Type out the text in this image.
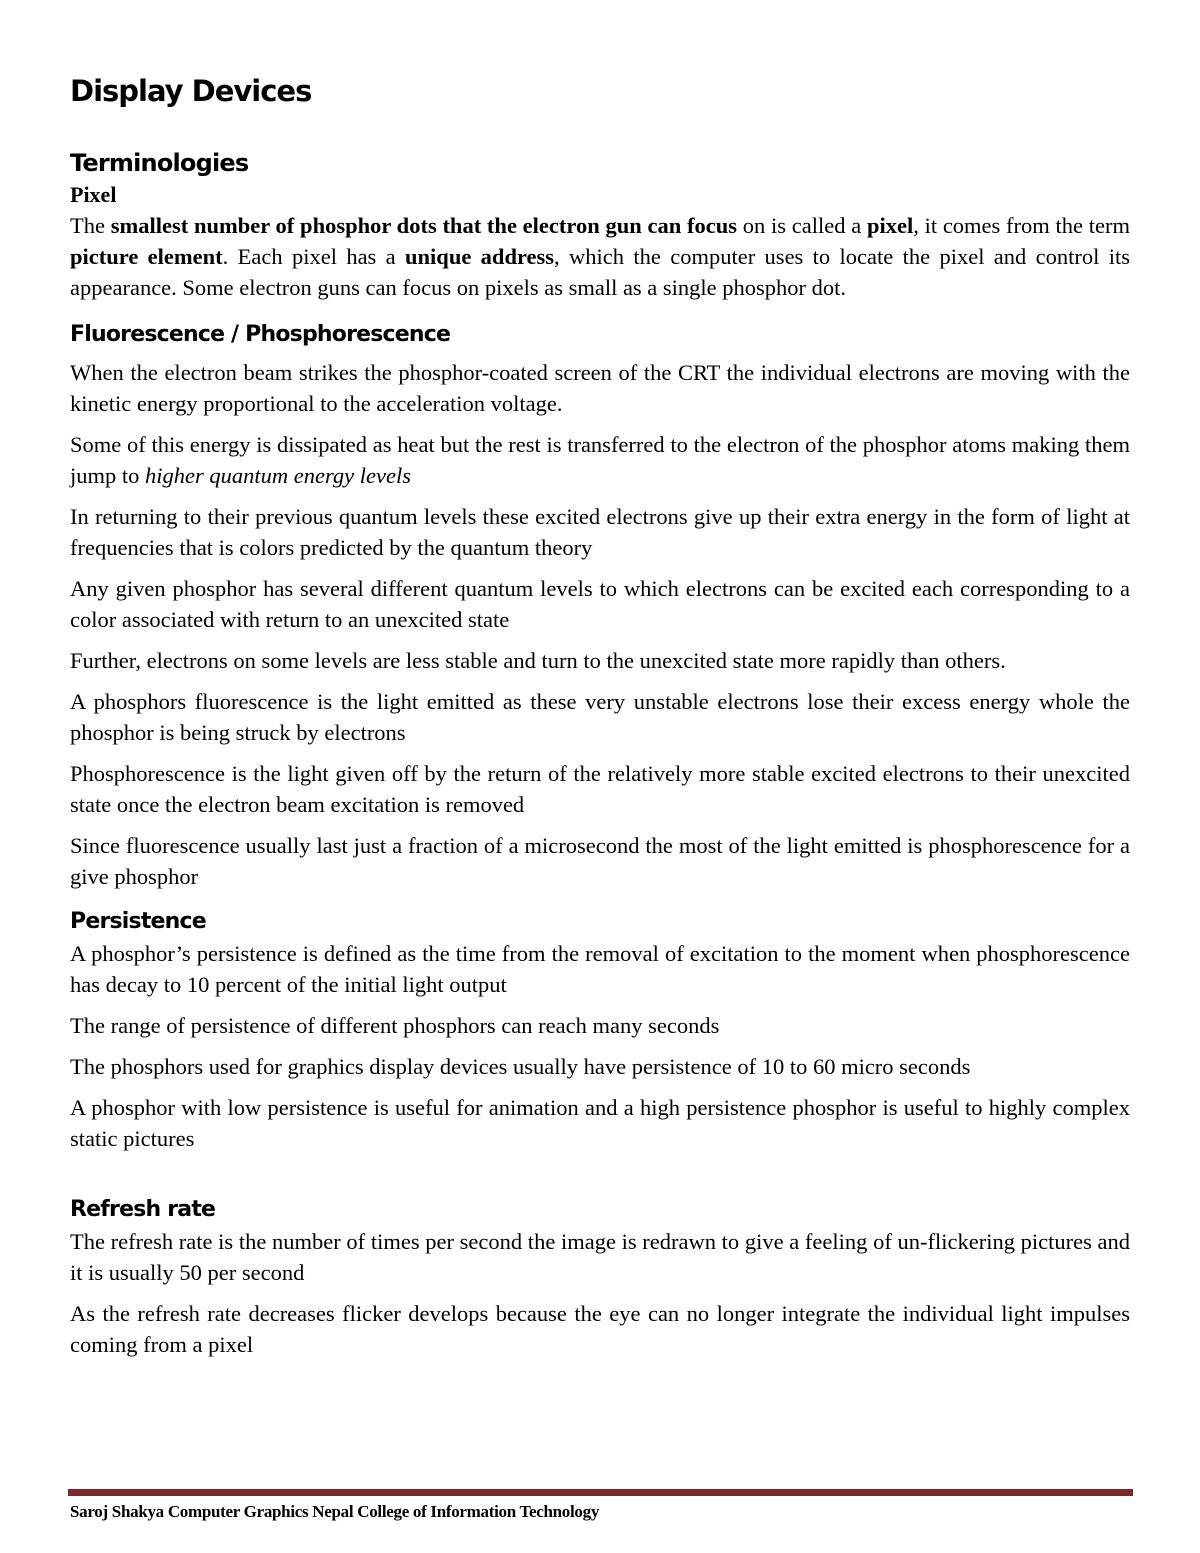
Display Devices
Terminologies
Pixel

The smallest number of phosphor dots that the electron gun can focus on is called a pixel, it comes from the term picture element. Each pixel has a unique address, which the computer uses to locate the pixel and control its appearance. Some electron guns can focus on pixels as small as a single phosphor dot.

Fluorescence / Phosphorescence

When the electron beam strikes the phosphor-coated screen of the CRT the individual electrons are moving with the kinetic energy proportional to the acceleration voltage.

Some of this energy is dissipated as heat but the rest is transferred to the electron of the phosphor atoms making them jump to higher quantum energy levels

In returning to their previous quantum levels these excited electrons give up their extra energy in the form of light at frequencies that is colors predicted by the quantum theory

Any given phosphor has several different quantum levels to which electrons can be excited each corresponding to a color associated with return to an unexcited state

Further, electrons on some levels are less stable and turn to the unexcited state more rapidly than others.

A phosphors fluorescence is the light emitted as these very unstable electrons lose their excess energy whole the phosphor is being struck by electrons

Phosphorescence is the light given off by the return of the relatively more stable excited electrons to their unexcited state once the electron beam excitation is removed

Since fluorescence usually last just a fraction of a microsecond the most of the light emitted is phosphorescence for a give phosphor

Persistence

A phosphor’s persistence is defined as the time from the removal of excitation to the moment when phosphorescence has decay to 10 percent of the initial light output

The range of persistence of different phosphors can reach many seconds

The phosphors used for graphics display devices usually have persistence of 10 to 60 micro seconds

A phosphor with low persistence is useful for animation and a high persistence phosphor is useful to highly complex static pictures

Refresh rate

The refresh rate is the number of times per second the image is redrawn to give a feeling of un-flickering pictures and it is usually 50 per second

As the refresh rate decreases flicker develops because the eye can no longer integrate the individual light impulses coming from a pixel

Saroj Shakya Computer Graphics Nepal College of Information Technology
